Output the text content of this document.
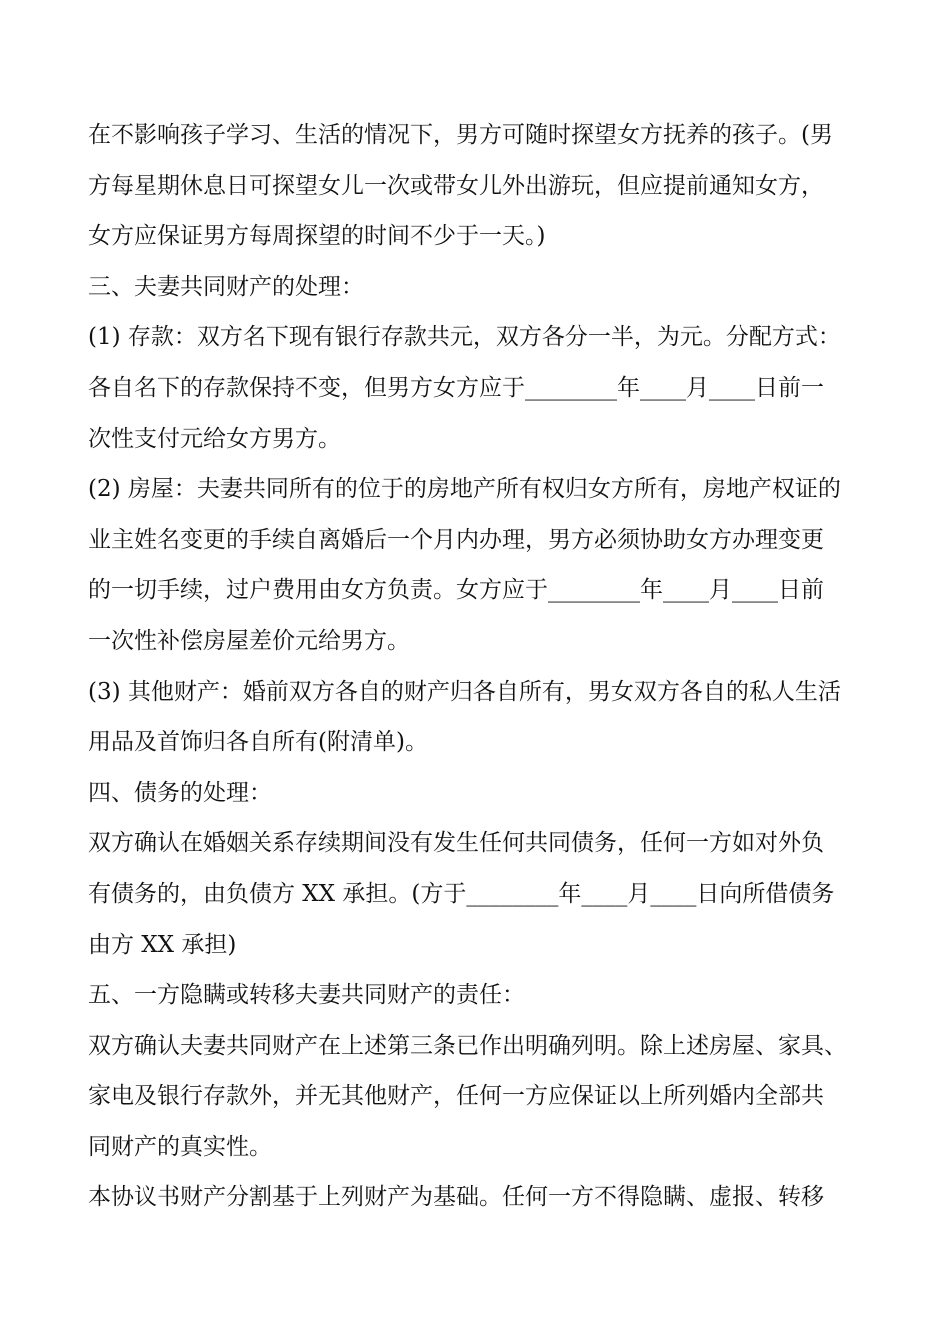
在不影响孩子学习、生活的情况下，男方可随时探望女方抚养的孩子。(男
方每星期休息日可探望女儿一次或带女儿外出游玩，但应提前通知女方，
女方应保证男方每周探望的时间不少于一天。)
三、夫妻共同财产的处理：
(1) 存款：双方名下现有银行存款共元，双方各分一半，为元。分配方式：
各自名下的存款保持不变，但男方女方应于________年____月____日前一
次性支付元给女方男方。
(2) 房屋：夫妻共同所有的位于的房地产所有权归女方所有，房地产权证的
业主姓名变更的手续自离婚后一个月内办理，男方必须协助女方办理变更
的一切手续，过户费用由女方负责。女方应于________年____月____日前
一次性补偿房屋差价元给男方。
(3) 其他财产：婚前双方各自的财产归各自所有，男女双方各自的私人生活
用品及首饰归各自所有(附清单)。
四、债务的处理：
双方确认在婚姻关系存续期间没有发生任何共同债务，任何一方如对外负
有债务的，由负债方 XX 承担。(方于________年____月____日向所借债务
由方 XX 承担)
五、一方隐瞒或转移夫妻共同财产的责任：
双方确认夫妻共同财产在上述第三条已作出明确列明。除上述房屋、家具、
家电及银行存款外，并无其他财产，任何一方应保证以上所列婚内全部共
同财产的真实性。
本协议书财产分割基于上列财产为基础。任何一方不得隐瞒、虚报、转移
